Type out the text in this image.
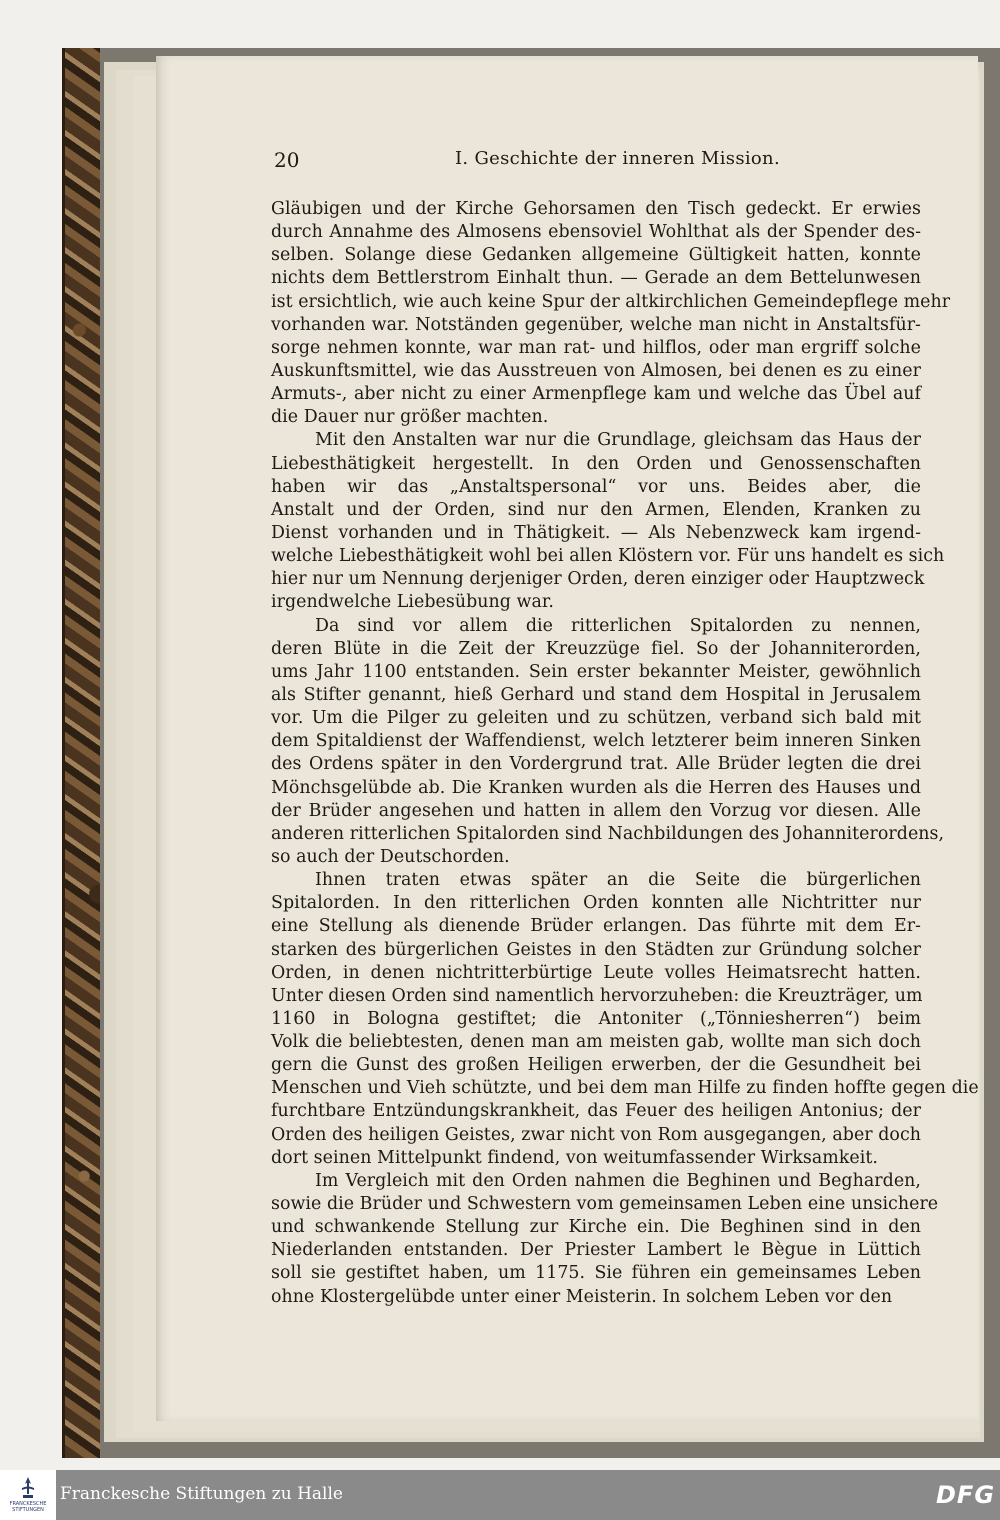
20	I. Geschichte der inneren Mission.
Gläubigen und der Kirche Gehorsamen den Tisch gedeckt. Er erwies
durch Annahme des Almosens ebensoviel Wohlthat als der Spender des-
selben. Solange diese Gedanken allgemeine Gültigkeit hatten, konnte
nichts dem Bettlerstrom Einhalt thun. — Gerade an dem Bettelunwesen
ist ersichtlich, wie auch keine Spur der altkirchlichen Gemeindepflege mehr
vorhanden war. Notständen gegenüber, welche man nicht in Anstaltsfür-
sorge nehmen konnte, war man rat- und hilflos, oder man ergriff solche
Auskunftsmittel, wie das Ausstreuen von Almosen, bei denen es zu einer
Armuts-, aber nicht zu einer Armenpflege kam und welche das Übel auf
die Dauer nur größer machten.
Mit den Anstalten war nur die Grundlage, gleichsam das Haus der
Liebesthätigkeit hergestellt. In den Orden und Genossenschaften
haben wir das „Anstaltspersonal“ vor uns. Beides aber, die
Anstalt und der Orden, sind nur den Armen, Elenden, Kranken zu
Dienst vorhanden und in Thätigkeit. — Als Nebenzweck kam irgend-
welche Liebesthätigkeit wohl bei allen Klöstern vor. Für uns handelt es sich
hier nur um Nennung derjeniger Orden, deren einziger oder Hauptzweck
irgendwelche Liebesübung war.
Da sind vor allem die ritterlichen Spitalorden zu nennen,
deren Blüte in die Zeit der Kreuzzüge fiel. So der Johanniterorden,
ums Jahr 1100 entstanden. Sein erster bekannter Meister, gewöhnlich
als Stifter genannt, hieß Gerhard und stand dem Hospital in Jerusalem
vor. Um die Pilger zu geleiten und zu schützen, verband sich bald mit
dem Spitaldienst der Waffendienst, welch letzterer beim inneren Sinken
des Ordens später in den Vordergrund trat. Alle Brüder legten die drei
Mönchsgelübde ab. Die Kranken wurden als die Herren des Hauses und
der Brüder angesehen und hatten in allem den Vorzug vor diesen. Alle
anderen ritterlichen Spitalorden sind Nachbildungen des Johanniterordens,
so auch der Deutschorden.
Ihnen traten etwas später an die Seite die bürgerlichen
Spitalorden. In den ritterlichen Orden konnten alle Nichtritter nur
eine Stellung als dienende Brüder erlangen. Das führte mit dem Er-
starken des bürgerlichen Geistes in den Städten zur Gründung solcher
Orden, in denen nichtritterbürtige Leute volles Heimatsrecht hatten.
Unter diesen Orden sind namentlich hervorzuheben: die Kreuzträger, um
1160 in Bologna gestiftet; die Antoniter („Tönniesherren“) beim
Volk die beliebtesten, denen man am meisten gab, wollte man sich doch
gern die Gunst des großen Heiligen erwerben, der die Gesundheit bei
Menschen und Vieh schützte, und bei dem man Hilfe zu finden hoffte gegen die
furchtbare Entzündungskrankheit, das Feuer des heiligen Antonius; der
Orden des heiligen Geistes, zwar nicht von Rom ausgegangen, aber doch
dort seinen Mittelpunkt findend, von weitumfassender Wirksamkeit.
Im Vergleich mit den Orden nahmen die Beghinen und Begharden,
sowie die Brüder und Schwestern vom gemeinsamen Leben eine unsichere
und schwankende Stellung zur Kirche ein. Die Beghinen sind in den
Niederlanden entstanden. Der Priester Lambert le Bègue in Lüttich
soll sie gestiftet haben, um 1175. Sie führen ein gemeinsames Leben
ohne Klostergelübde unter einer Meisterin. In solchem Leben vor den
FRANCKESCHE STIFTUNGEN
Franckesche Stiftungen zu Halle	DFG
